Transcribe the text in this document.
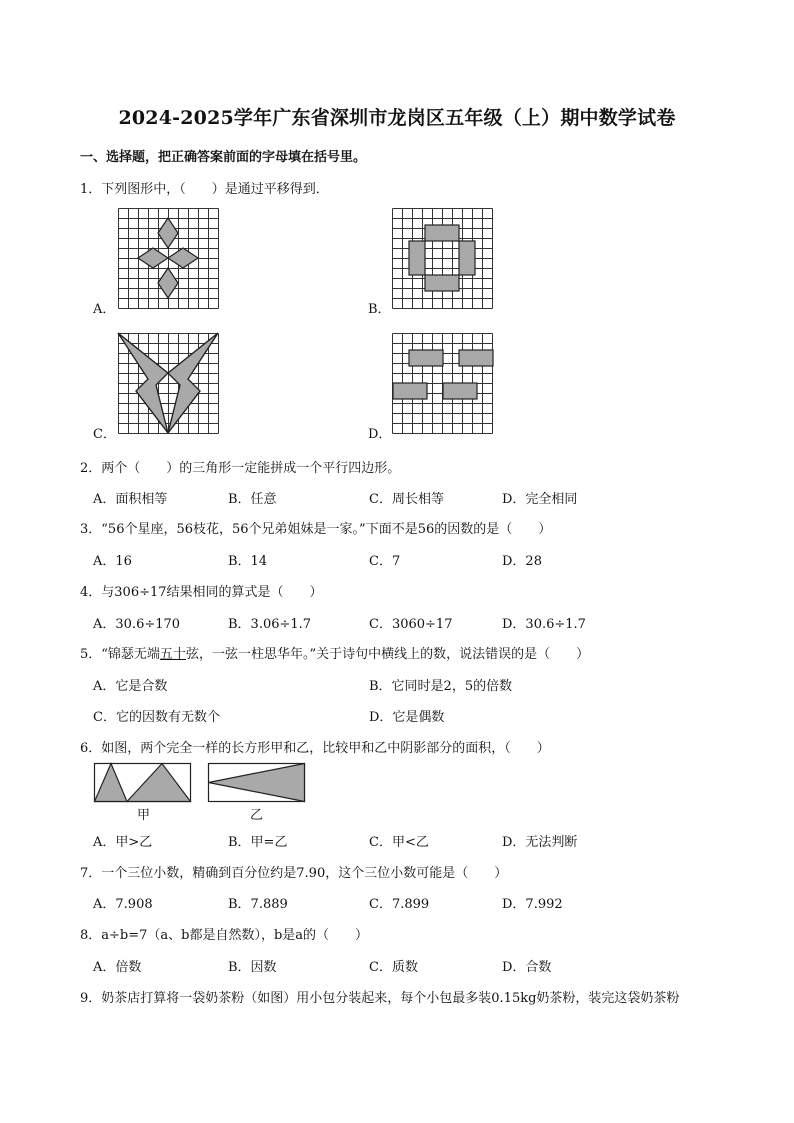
2024-2025学年广东省深圳市龙岗区五年级（上）期中数学试卷
一、选择题，把正确答案前面的字母填在括号里。
1．下列图形中，（　　）是通过平移得到．
A．	B．
C．	D．
2．两个（　　）的三角形一定能拼成一个平行四边形。
A．面积相等	B．任意	C．周长相等	D．完全相同
3．“56个星座，56枝花，56个兄弟姐妹是一家。”下面不是56的因数的是（　　）
A．16	B．14	C．7	D．28
4．与306÷17结果相同的算式是（　　）
A．30.6÷170	B．3.06÷1.7	C．3060÷17	D．30.6÷1.7
5．“锦瑟无端五十弦，一弦一柱思华年。”关于诗句中横线上的数，说法错误的是（　　）
A．它是合数	B．它同时是2，5的倍数
C．它的因数有无数个	D．它是偶数
6．如图，两个完全一样的长方形甲和乙，比较甲和乙中阴影部分的面积，（　　）
甲	乙
A．甲>乙	B．甲=乙	C．甲<乙	D．无法判断
7．一个三位小数，精确到百分位约是7.90，这个三位小数可能是（　　）
A．7.908	B．7.889	C．7.899	D．7.992
8．a÷b=7（a、b都是自然数），b是a的（　　）
A．倍数	B．因数	C．质数	D．合数
9．奶茶店打算将一袋奶茶粉（如图）用小包分装起来，每个小包最多装0.15kg奶茶粉，装完这袋奶茶粉
